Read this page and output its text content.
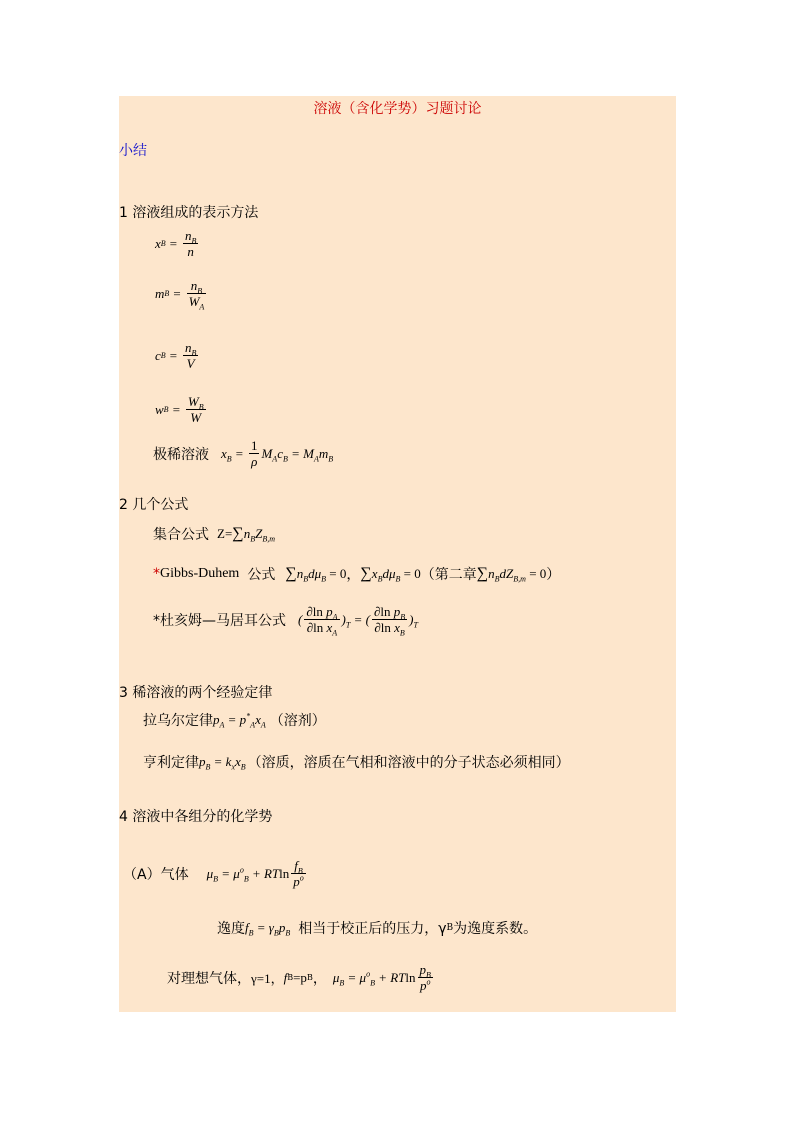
溶液（含化学势）习题讨论
小结
1 溶液组成的表示方法
x $B = \frac{n_B}{n}$
m $B = \frac{n_B}{W_A}$
c $B = \frac{n_B}{V}$
w $B = \frac{W_B}{W}$
极稀溶液 $x_B = \frac{1}{\rho} M_Ac_B = M_Am_B$
2 几个公式
集合公式 $Z= \sum n_BZ_{B,m}$
* Gibbs-Duhem 公式 $\sum n_Bd\mu_B = 0$ ， $\sum x_Bd\mu_B = 0$ （第二章 $\sum n_BdZ_{B,m} = 0$ ）
*杜亥姆—马居耳公式 ( $\frac{\partial\ln p_A}{\partial\ln x_A} )_T$ = ( $\frac{\partial\ln p_B}{\partial\ln x_B} )_T$
3 稀溶液的两个经验定律
拉乌尔定律 $p_A = p^*_Ax_A$ （溶剂）
亨利定律 $p_B = k_xx_B$ （溶质，溶质在气相和溶液中的分子状态必须相同）
4 溶液中各组分的化学势
（A）气体 $\mu_B = \mu^o_B + RTln \frac{f_B}{p^o}$
逸度 $f_B = \gamma_Bp_B$ 相当于校正后的压力，γ B 为逸度系数。
对理想气体， γ=1， f B =p B ， $\mu_B = \mu^o_B + RTln \frac{p_B}{p^o}$
